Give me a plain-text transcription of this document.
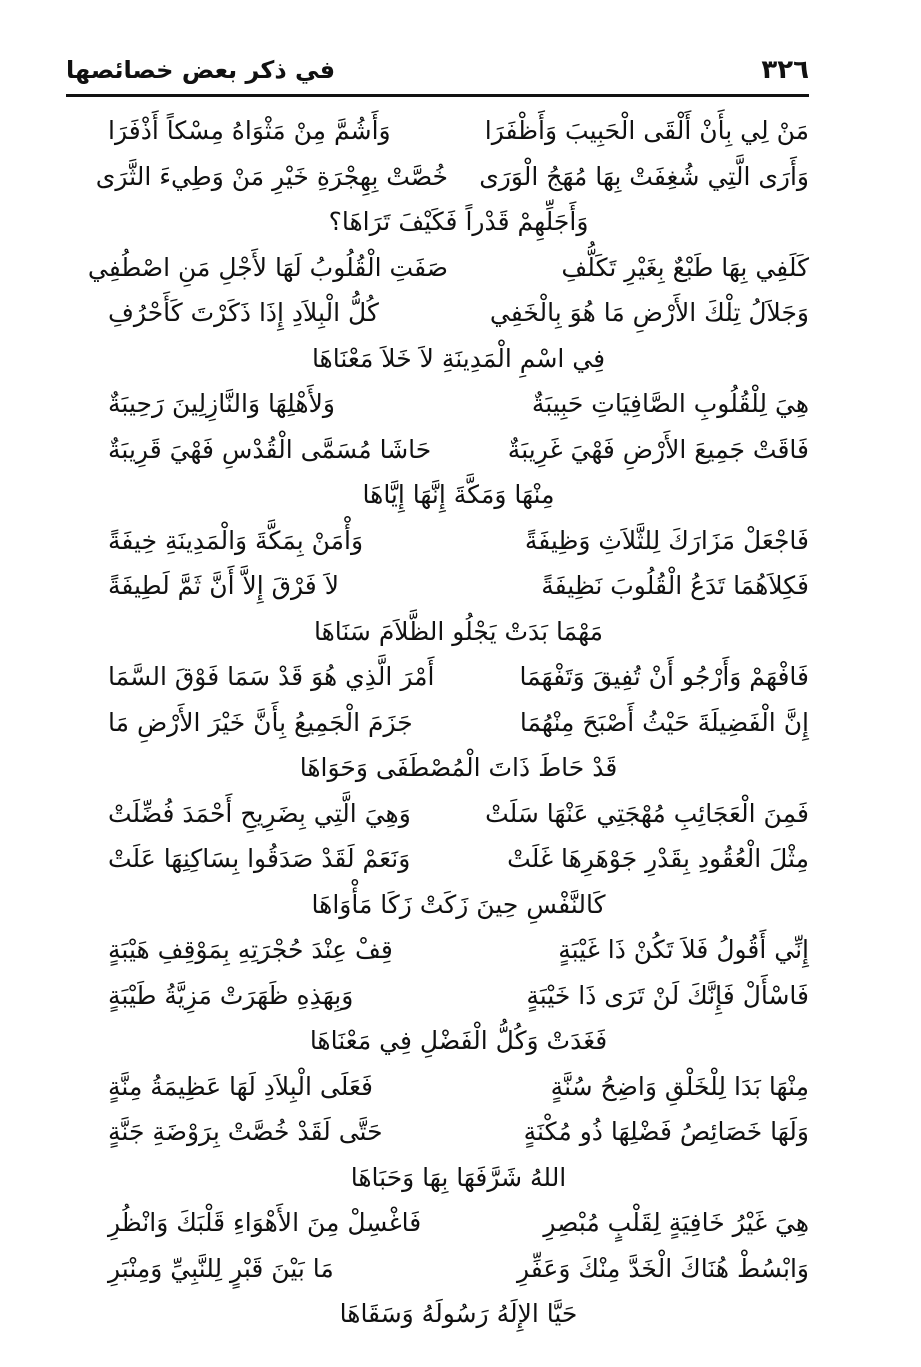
٣٢٦
في ذكر بعض خصائصها
مَنْ لِي بِأَنْ أَلْقَى الْحَبِيبَ وَأَظْفَرَا
وَأَشُمَّ مِنْ مَثْوَاهُ مِسْكاً أَذْفَرَا
وَأَرَى الَّتِي شُغِفَتْ بِهَا مُهَجُ الْوَرَى
خُصَّتْ بِهِجْرَةِ خَيْرِ مَنْ وَطِيءَ الثَّرَى
وَأَجَلِّهِمْ قَدْراً فَكَيْفَ تَرَاهَا؟
كَلَفِي بِهَا طَبْعٌ بِغَيْرِ تَكَلُّفِ
صَفَتِ الْقُلُوبُ لَهَا لأَجْلِ مَنِ اصْطُفِي
وَجَلاَلُ تِلْكَ الأَرْضِ مَا هُوَ بِالْخَفِي
كُلُّ الْبِلاَدِ إِذَا ذَكَرْتَ كَأَحْرُفِ
فِي اسْمِ الْمَدِينَةِ لاَ خَلاَ مَعْنَاهَا
هِيَ لِلْقُلُوبِ الصَّافِيَاتِ حَبِيبَةٌ
وَلأَهْلِهَا وَالنَّازِلِينَ رَحِيبَةٌ
فَاقَتْ جَمِيعَ الأَرْضِ فَهْيَ غَرِيبَةٌ
حَاشَا مُسَمَّى الْقُدْسِ فَهْيَ قَرِيبَةٌ
مِنْهَا وَمَكَّةَ إِنَّهَا إِيَّاهَا
فَاجْعَلْ مَزَارَكَ لِلثَّلاَثِ وَظِيفَةً
وَأْمَنْ بِمَكَّةَ وَالْمَدِينَةِ خِيفَةً
فَكِلاَهُمَا تَدَعُ الْقُلُوبَ نَظِيفَةً
لاَ فَرْقَ إِلاَّ أَنَّ ثَمَّ لَطِيفَةً
مَهْمَا بَدَتْ يَجْلُو الظَّلاَمَ سَنَاهَا
فَافْهَمْ وَأَرْجُو أَنْ تُفِيقَ وَتَفْهَمَا
أَمْرَ الَّذِي هُوَ قَدْ سَمَا فَوْقَ السَّمَا
إِنَّ الْفَضِيلَةَ حَيْثُ أَصْبَحَ مِنْهُمَا
جَزَمَ الْجَمِيعُ بِأَنَّ خَيْرَ الأَرْضِ مَا
قَدْ حَاطَ ذَاتَ الْمُصْطَفَى وَحَوَاهَا
فَمِنَ الْعَجَائِبِ مُهْجَتِي عَنْهَا سَلَتْ
وَهِيَ الَّتِي بِضَرِيحِ أَحْمَدَ فُضِّلَتْ
مِثْلَ الْعُقُودِ بِقَدْرِ جَوْهَرِهَا غَلَتْ
وَنَعَمْ لَقَدْ صَدَقُوا بِسَاكِنِهَا عَلَتْ
كَالنَّفْسِ حِينَ زَكَتْ زَكَا مَأْوَاهَا
إِنِّي أَقُولُ فَلاَ تَكُنْ ذَا غَيْبَةٍ
قِفْ عِنْدَ حُجْرَتِهِ بِمَوْقِفِ هَيْبَةٍ
فَاسْأَلْ فَإِنَّكَ لَنْ تَرَى ذَا خَيْبَةٍ
وَبِهَذِهِ ظَهَرَتْ مَزِيَّةُ طَيْبَةٍ
فَغَدَتْ وَكُلُّ الْفَضْلِ فِي مَعْنَاهَا
مِنْهَا بَدَا لِلْخَلْقِ وَاضِحُ سُنَّةٍ
فَعَلَى الْبِلاَدِ لَهَا عَظِيمَةُ مِنَّةٍ
وَلَهَا خَصَائِصُ فَضْلِهَا ذُو مُكْنَةٍ
حَتَّى لَقَدْ خُصَّتْ بِرَوْضَةِ جَنَّةٍ
اللهُ شَرَّفَهَا بِهَا وَحَبَاهَا
هِيَ غَيْرُ خَافِيَةٍ لِقَلْبٍ مُبْصِرِ
فَاغْسِلْ مِنَ الأَهْوَاءِ قَلْبَكَ وَانْظُرِ
وَابْسُطْ هُنَاكَ الْخَدَّ مِنْكَ وَعَفِّرِ
مَا بَيْنَ قَبْرٍ لِلنَّبِيِّ وَمِنْبَرِ
حَيَّا الإِلَهُ رَسُولَهُ وَسَقَاهَا
